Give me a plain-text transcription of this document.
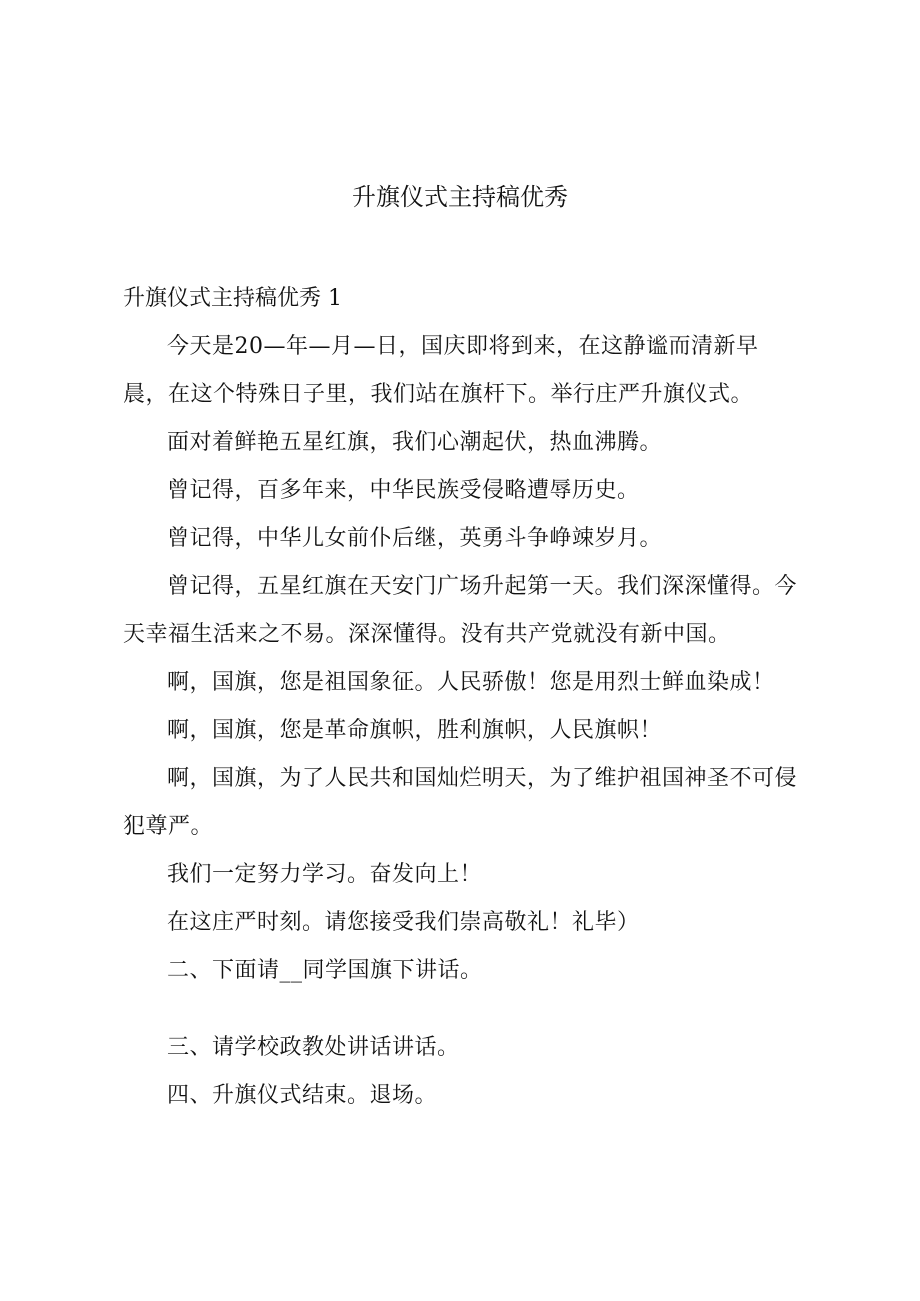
升旗仪式主持稿优秀
升旗仪式主持稿优秀 1

今天是20—年—月—日，国庆即将到来，在这静谧而清新早晨，在这个特殊日子里，我们站在旗杆下。举行庄严升旗仪式。

面对着鲜艳五星红旗，我们心潮起伏，热血沸腾。

曾记得，百多年来，中华民族受侵略遭辱历史。

曾记得，中华儿女前仆后继，英勇斗争峥竦岁月。

曾记得，五星红旗在天安门广场升起第一天。我们深深懂得。今天幸福生活来之不易。深深懂得。没有共产党就没有新中国。

啊，国旗，您是祖国象征。人民骄傲！您是用烈士鲜血染成！

啊，国旗，您是革命旗帜，胜利旗帜，人民旗帜！

啊，国旗，为了人民共和国灿烂明天，为了维护祖国神圣不可侵犯尊严。

我们一定努力学习。奋发向上！

在这庄严时刻。请您接受我们崇高敬礼！礼毕）

二、下面请__同学国旗下讲话。

三、请学校政教处讲话讲话。

四、升旗仪式结束。退场。
